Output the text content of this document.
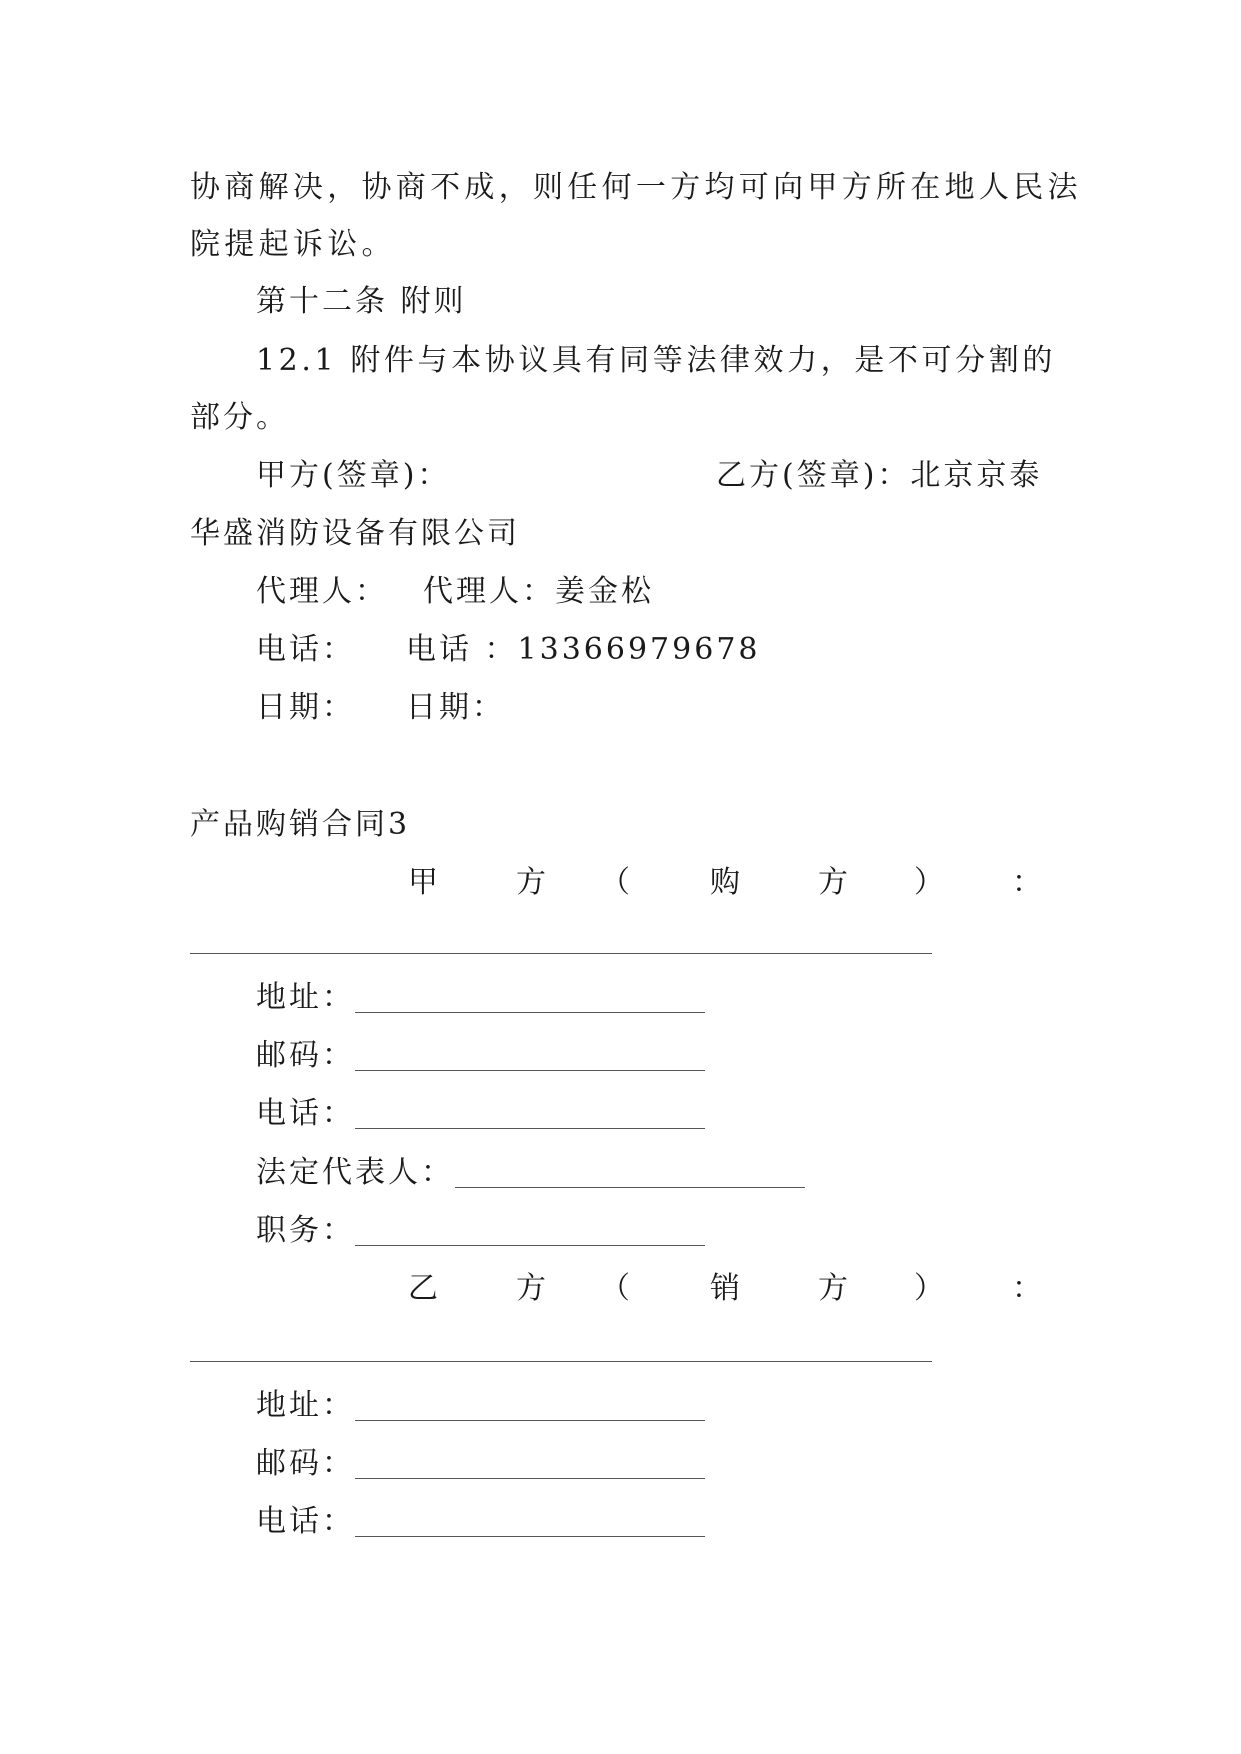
协商解决，协商不成，则任何一方均可向甲方所在地人民法
院提起诉讼。
第十二条 附则
12.1 附件与本协议具有同等法律效力，是不可分割的
部分。
甲方(签章)：	乙方(签章)：北京京泰
华盛消防设备有限公司
代理人： 代理人：姜金松
电话： 电话 ：13366979678
日期： 日期：
产品购销合同3
甲	方 （	购	方 ） ：
地址：
邮码：
电话：
法定代表人：
职务：
乙	方 （	销	方 ） ：
地址：
邮码：
电话：
